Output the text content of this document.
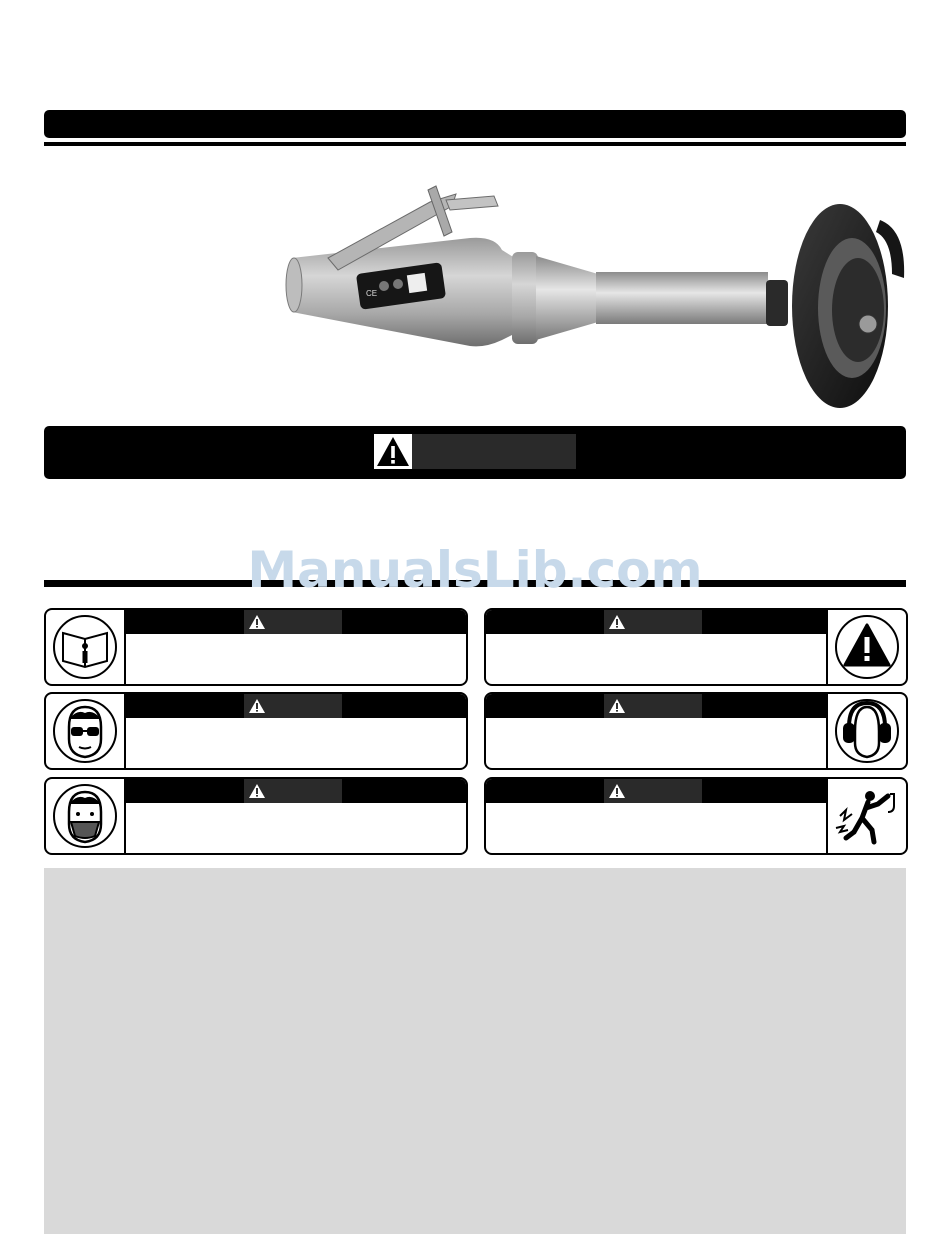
CE
ManualsLib.com
